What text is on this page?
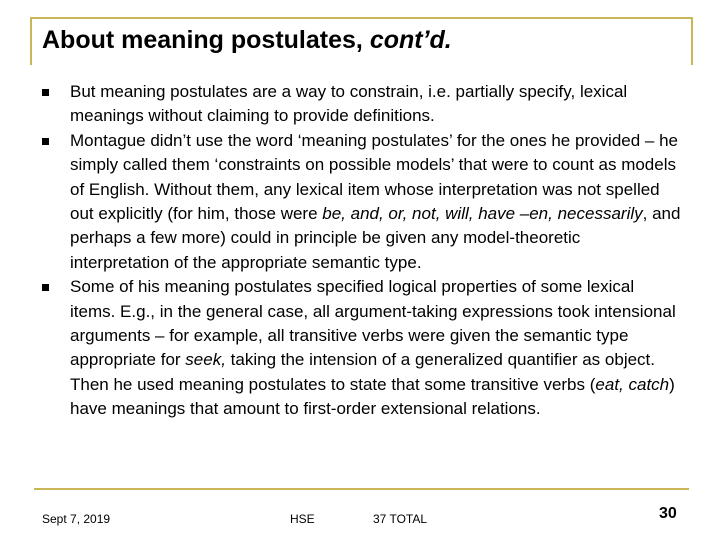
About meaning postulates, cont’d.
But meaning postulates are a way to constrain, i.e. partially specify, lexical meanings without claiming to provide definitions.
Montague didn’t use the word ‘meaning postulates’ for the ones he provided – he simply called them ‘constraints on possible models’ that were to count as models of English. Without them, any lexical item whose interpretation was not spelled out explicitly (for him, those were be, and, or, not, will, have –en, necessarily, and perhaps a few more) could in principle be given any model-theoretic interpretation of the appropriate semantic type.
Some of his meaning postulates specified logical properties of some lexical items. E.g., in the general case, all argument-taking expressions took intensional arguments – for example, all transitive verbs were given the semantic type appropriate for seek, taking the intension of a generalized quantifier as object. Then he used meaning postulates to state that some transitive verbs (eat, catch) have meanings that amount to first-order extensional relations.
Sept 7, 2019	HSE	37 TOTAL	30
